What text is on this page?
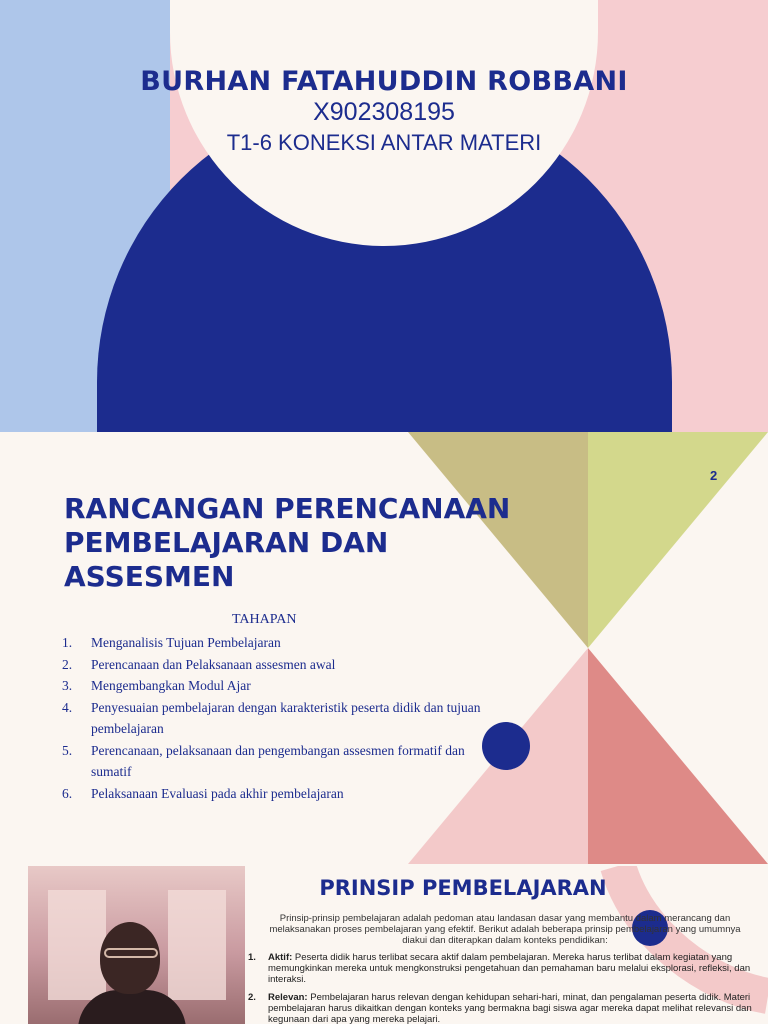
BURHAN FATAHUDDIN ROBBANI
X902308195
T1-6 KONEKSI ANTAR MATERI
2
RANCANGAN PERENCANAAN PEMBELAJARAN DAN ASSESMEN
TAHAPAN
1.	Menganalisis Tujuan Pembelajaran
2.	Perencanaan dan Pelaksanaan assesmen awal
3.	Mengembangkan Modul Ajar
4.	Penyesuaian pembelajaran dengan karakteristik peserta didik dan tujuan pembelajaran
5.	Perencanaan, pelaksanaan dan pengembangan assesmen formatif dan sumatif
6.	Pelaksanaan Evaluasi pada akhir pembelajaran
PRINSIP PEMBELAJARAN

Prinsip-prinsip pembelajaran adalah pedoman atau landasan dasar yang membantu dalam merancang dan melaksanakan proses pembelajaran yang efektif. Berikut adalah beberapa prinsip pembelajaran yang umumnya diakui dan diterapkan dalam konteks pendidikan:

1.	Aktif: Peserta didik harus terlibat secara aktif dalam pembelajaran. Mereka harus terlibat dalam kegiatan yang memungkinkan mereka untuk mengkonstruksi pengetahuan dan pemahaman baru melalui eksplorasi, refleksi, dan interaksi.
2.	Relevan: Pembelajaran harus relevan dengan kehidupan sehari-hari, minat, dan pengalaman peserta didik. Materi pembelajaran harus dikaitkan dengan konteks yang bermakna bagi siswa agar mereka dapat melihat relevansi dan kegunaan dari apa yang mereka pelajari.
